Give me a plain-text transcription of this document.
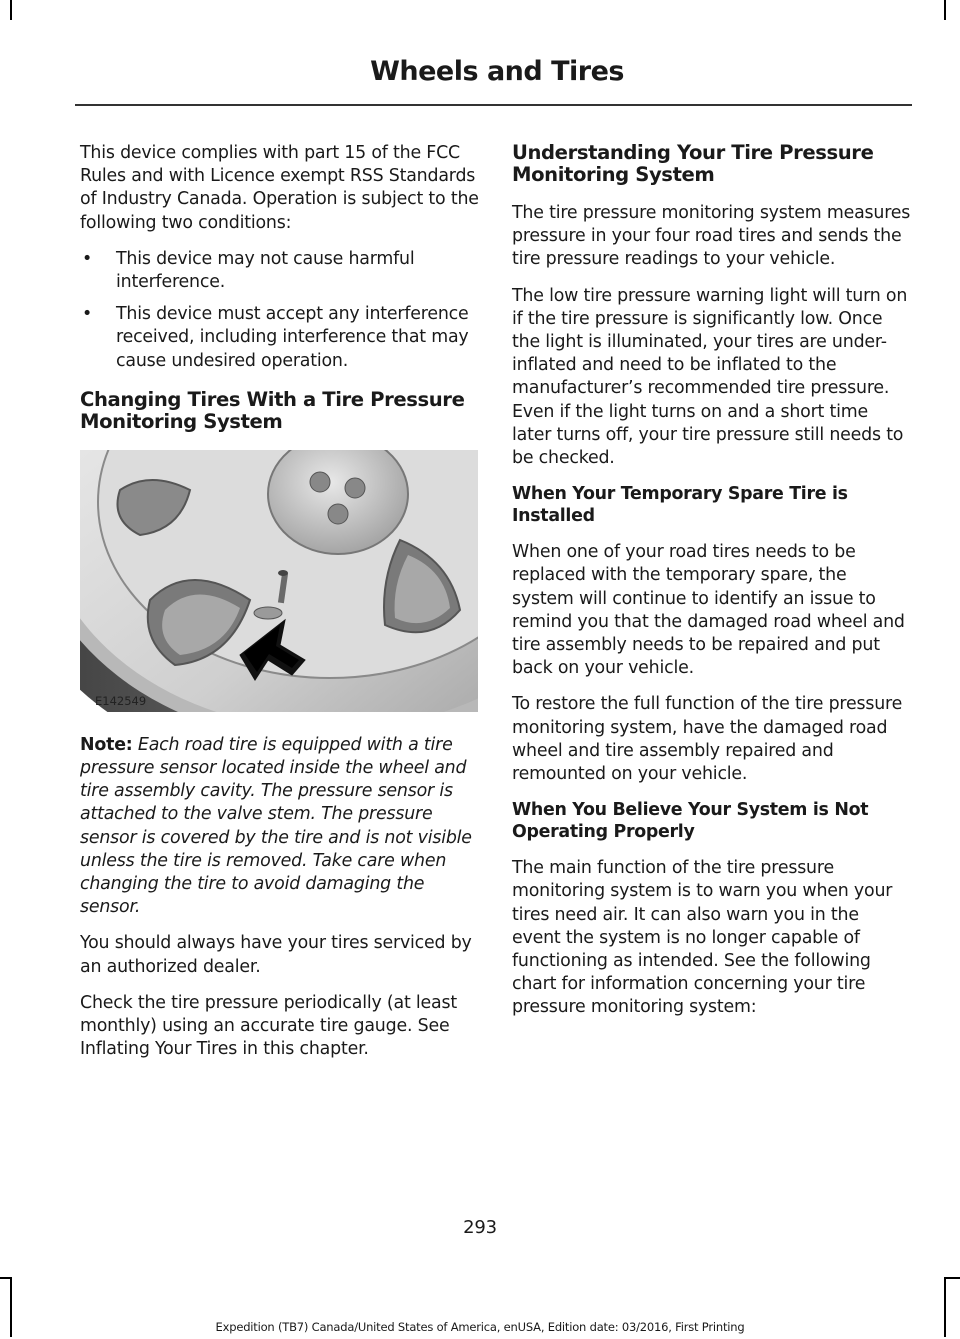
Wheels and Tires

This device complies with part 15 of the FCC Rules and with Licence exempt RSS Standards of Industry Canada. Operation is subject to the following two conditions:

• This device may not cause harmful interference.
• This device must accept any interference received, including interference that may cause undesired operation.
Changing Tires With a Tire Pressure Monitoring System
E142549

Note: Each road tire is equipped with a tire pressure sensor located inside the wheel and tire assembly cavity. The pressure sensor is attached to the valve stem. The pressure sensor is covered by the tire and is not visible unless the tire is removed. Take care when changing the tire to avoid damaging the sensor.

You should always have your tires serviced by an authorized dealer.

Check the tire pressure periodically (at least monthly) using an accurate tire gauge. See Inflating Your Tires in this chapter.

Understanding Your Tire Pressure Monitoring System

The tire pressure monitoring system measures pressure in your four road tires and sends the tire pressure readings to your vehicle.

The low tire pressure warning light will turn on if the tire pressure is significantly low. Once the light is illuminated, your tires are under-inflated and need to be inflated to the manufacturer’s recommended tire pressure. Even if the light turns on and a short time later turns off, your tire pressure still needs to be checked.

When Your Temporary Spare Tire is Installed

When one of your road tires needs to be replaced with the temporary spare, the system will continue to identify an issue to remind you that the damaged road wheel and tire assembly needs to be repaired and put back on your vehicle.

To restore the full function of the tire pressure monitoring system, have the damaged road wheel and tire assembly repaired and remounted on your vehicle.

When You Believe Your System is Not Operating Properly

The main function of the tire pressure monitoring system is to warn you when your tires need air. It can also warn you in the event the system is no longer capable of functioning as intended. See the following chart for information concerning your tire pressure monitoring system:

293

Expedition (TB7) Canada/United States of America, enUSA, Edition date: 03/2016, First Printing
